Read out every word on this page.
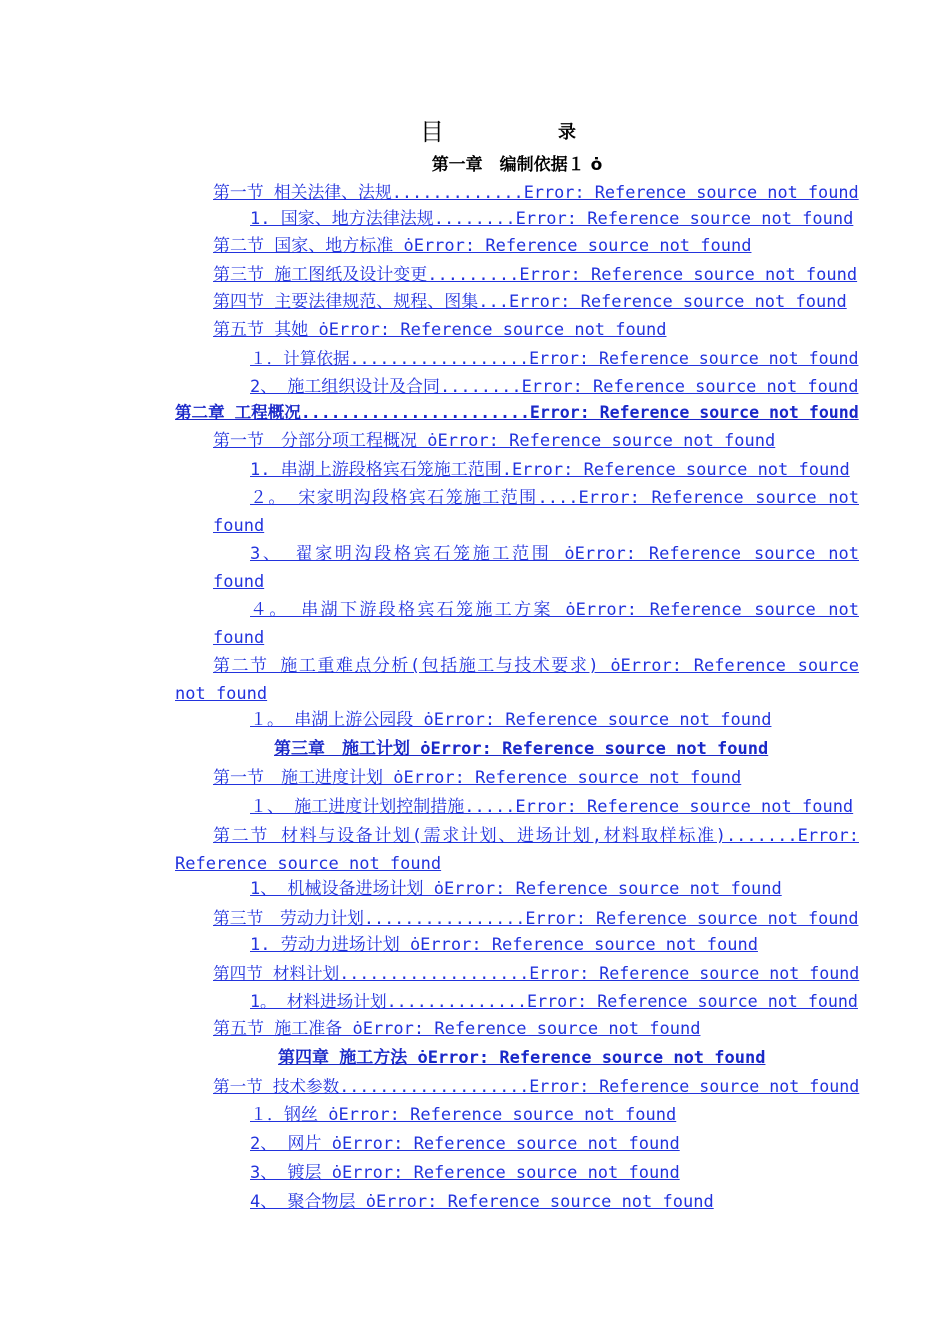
目	录
第一章　编制依据１ ȯ
第一节 相关法律、法规.............Error: Reference source not found
1. 国家、地方法律法规........Error: Reference source not found
第二节 国家、地方标准 ȯError: Reference source not found
第三节 施工图纸及设计变更.........Error: Reference source not found
第四节 主要法律规范、规程、图集...Error: Reference source not found
第五节 其她 ȯError: Reference source not found
１．计算依据..................Error: Reference source not found
2、 施工组织设计及合同........Error: Reference source not found
第二章 工程概况.......................Error: Reference source not found
第一节　分部分项工程概况 ȯError: Reference source not found
1. 串湖上游段格宾石笼施工范围.Error: Reference source not found
２。 宋家明沟段格宾石笼施工范围....Error: Reference source not found
3、 翟家明沟段格宾石笼施工范围 ȯError: Reference source not found
４。 串湖下游段格宾石笼施工方案 ȯError: Reference source not found
第二节 施工重难点分析(包括施工与技术要求) ȯError: Reference source not found
１。 串湖上游公园段 ȯError: Reference source not found
第三章　施工计划 ȯError: Reference source not found
第一节　施工进度计划 ȯError: Reference source not found
１、 施工进度计划控制措施.....Error: Reference source not found
第二节 材料与设备计划(需求计划、进场计划,材料取样标准).......Error: Reference source not found
1、 机械设备进场计划 ȯError: Reference source not found
第三节　劳动力计划................Error: Reference source not found
1. 劳动力进场计划 ȯError: Reference source not found
第四节 材料计划...................Error: Reference source not found
1。 材料进场计划..............Error: Reference source not found
第五节 施工准备 ȯError: Reference source not found
第四章 施工方法 ȯError: Reference source not found
第一节 技术参数...................Error: Reference source not found
１．钢丝 ȯError: Reference source not found
2、 网片 ȯError: Reference source not found
3、 镀层 ȯError: Reference source not found
4、 聚合物层 ȯError: Reference source not found
